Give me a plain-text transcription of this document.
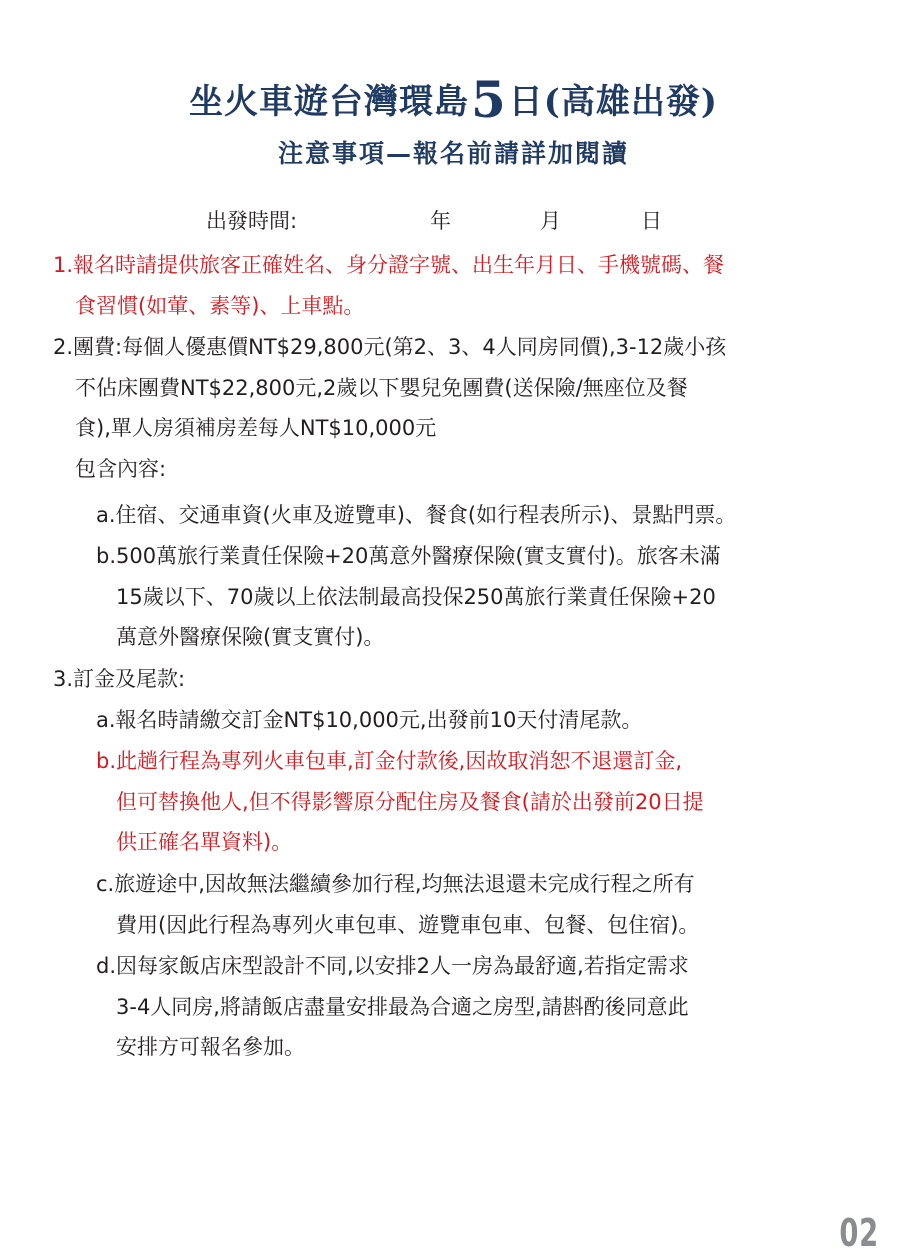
坐火車遊台灣環島5日(高雄出發)
注意事項—報名前請詳加閱讀
出發時間:	年	月	日
1.報名時請提供旅客正確姓名、身分證字號、出生年月日、手機號碼、餐
食習慣(如葷、素等)、上車點。
2.團費:每個人優惠價NT$29,800元(第2、3、4人同房同價),3-12歲小孩
不佔床團費NT$22,800元,2歲以下嬰兒免團費(送保險/無座位及餐
食),單人房須補房差每人NT$10,000元
包含內容:
a.住宿、交通車資(火車及遊覽車)、餐食(如行程表所示)、景點門票。
b.500萬旅行業責任保險+20萬意外醫療保險(實支實付)。旅客未滿
15歲以下、70歲以上依法制最高投保250萬旅行業責任保險+20
萬意外醫療保險(實支實付)。
3.訂金及尾款:
a.報名時請繳交訂金NT$10,000元,出發前10天付清尾款。
b.此趟行程為專列火車包車,訂金付款後,因故取消恕不退還訂金,
但可替換他人,但不得影響原分配住房及餐食(請於出發前20日提
供正確名單資料)。
c.旅遊途中,因故無法繼續參加行程,均無法退還未完成行程之所有
費用(因此行程為專列火車包車、遊覽車包車、包餐、包住宿)。
d.因每家飯店床型設計不同,以安排2人一房為最舒適,若指定需求
3-4人同房,將請飯店盡量安排最為合適之房型,請斟酌後同意此
安排方可報名參加。
02
